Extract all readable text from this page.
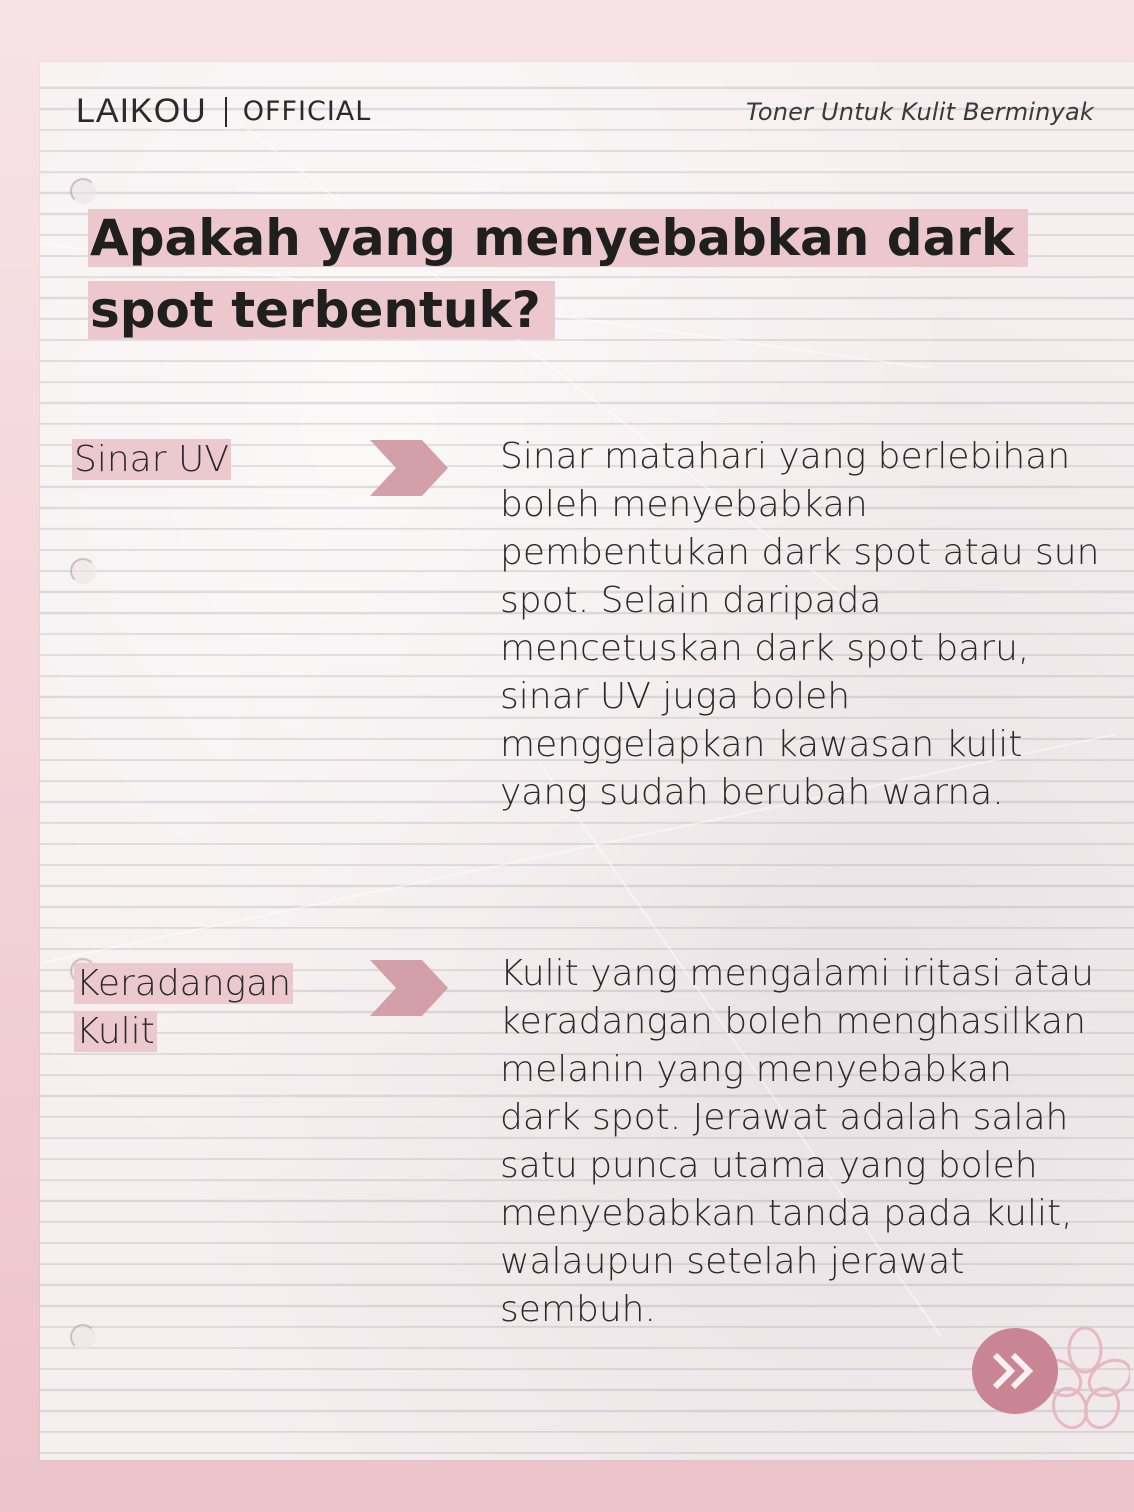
LAIKOU OFFICIAL	Toner Untuk Kulit Berminyak
Apakah yang menyebabkan dark spot terbentuk?
Sinar UV	Sinar matahari yang berlebihan boleh menyebabkan pembentukan dark spot atau sun spot. Selain daripada mencetuskan dark spot baru, sinar UV juga boleh menggelapkan kawasan kulit yang sudah berubah warna.

Keradangan Kulit

Kulit yang mengalami iritasi atau keradangan boleh menghasilkan melanin yang menyebabkan dark spot. Jerawat adalah salah satu punca utama yang boleh menyebabkan tanda pada kulit, walaupun setelah jerawat sembuh.
